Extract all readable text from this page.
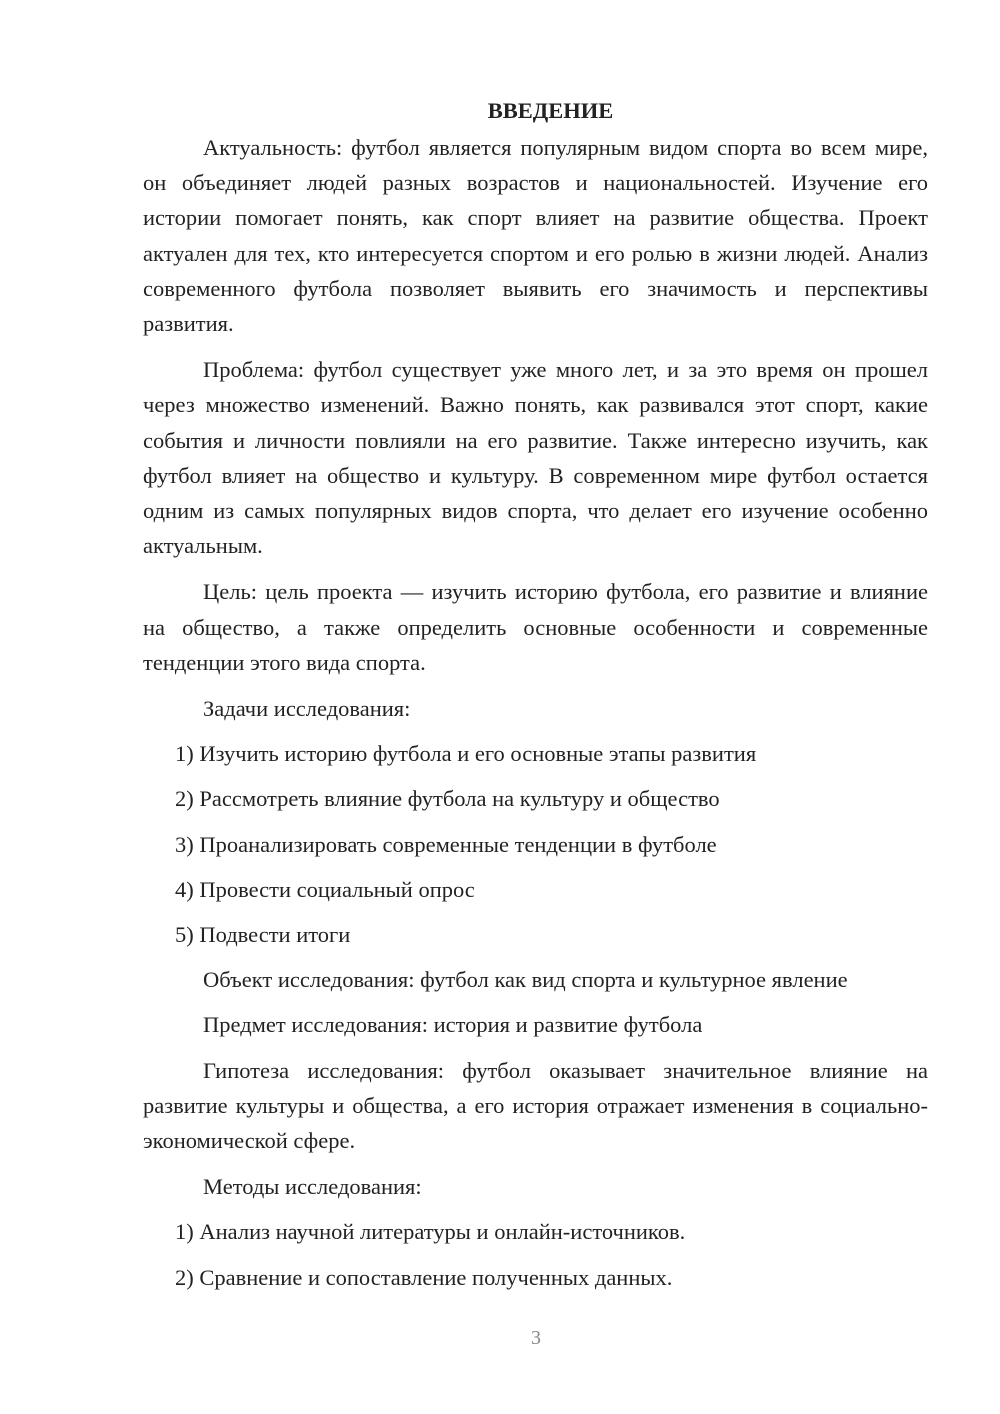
ВВЕДЕНИЕ

Актуальность: футбол является популярным видом спорта во всем мире, он объединяет людей разных возрастов и национальностей. Изучение его истории помогает понять, как спорт влияет на развитие общества. Проект актуален для тех, кто интересуется спортом и его ролью в жизни людей. Анализ современного футбола позволяет выявить его значимость и перспективы развития.

Проблема: футбол существует уже много лет, и за это время он прошел через множество изменений. Важно понять, как развивался этот спорт, какие события и личности повлияли на его развитие. Также интересно изучить, как футбол влияет на общество и культуру. В современном мире футбол остается одним из самых популярных видов спорта, что делает его изучение особенно актуальным.

Цель: цель проекта — изучить историю футбола, его развитие и влияние на общество, а также определить основные особенности и современные тенденции этого вида спорта.

Задачи исследования:
1) Изучить историю футбола и его основные этапы развития
2) Рассмотреть влияние футбола на культуру и общество
3) Проанализировать современные тенденции в футболе
4) Провести социальный опрос
5) Подвести итоги
Объект исследования: футбол как вид спорта и культурное явление
Предмет исследования: история и развитие футбола

Гипотеза исследования: футбол оказывает значительное влияние на развитие культуры и общества, а его история отражает изменения в социально-экономической сфере.

Методы исследования:
1) Анализ научной литературы и онлайн-источников.
2) Сравнение и сопоставление полученных данных.
3
